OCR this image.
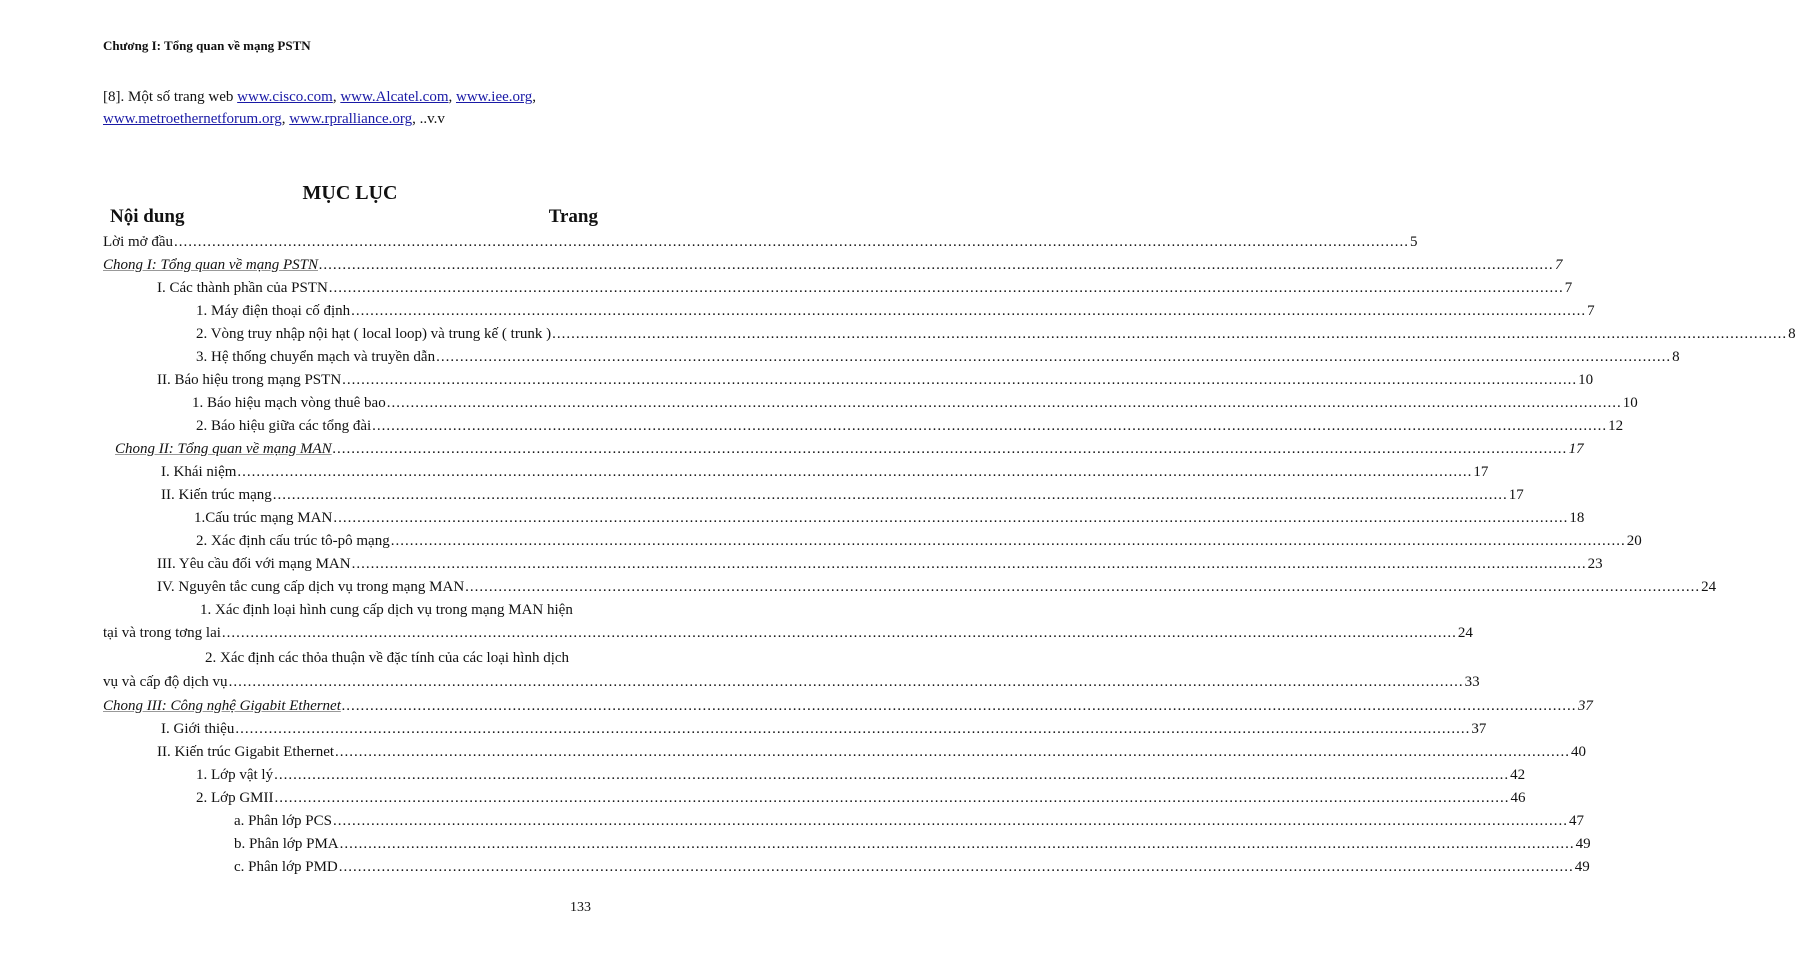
Chương I: Tổng quan về mạng PSTN
[8]. Một số trang web www.cisco.com, www.Alcatel.com, www.iee.org, www.metroethernetforum.org, www.rpralliance.org, ..v.v
MỤC LỤC
Nội dung	Trang
Lời mở đầu .................................................................................................................................................................................................................................................................... 5
Chong I: Tổng quan về mạng PSTN .................................................................................................................................................................................................................................................................... 7
I. Các thành phần của PSTN .................................................................................................................................................................................................................................................................... 7
1. Máy điện thoại cố định .................................................................................................................................................................................................................................................................... 7
2. Vòng truy nhập nội hạt ( local loop) và trung kế ( trunk ) .................................................................................................................................................................................................................................................................... 8
3. Hệ thống chuyển mạch và truyền dẫn .................................................................................................................................................................................................................................................................... 8
II. Báo hiệu trong mạng PSTN .................................................................................................................................................................................................................................................................... 10
1. Báo hiệu mạch vòng thuê bao .................................................................................................................................................................................................................................................................... 10
2. Báo hiệu giữa các tổng đài .................................................................................................................................................................................................................................................................... 12
Chong II: Tổng quan về mạng MAN .................................................................................................................................................................................................................................................................... 17
I. Khái niệm .................................................................................................................................................................................................................................................................... 17
II. Kiến trúc mạng .................................................................................................................................................................................................................................................................... 17
1.Cấu trúc mạng MAN .................................................................................................................................................................................................................................................................... 18
2. Xác định cấu trúc tô-pô mạng .................................................................................................................................................................................................................................................................... 20
III. Yêu cầu đối với mạng MAN .................................................................................................................................................................................................................................................................... 23
IV. Nguyên tắc cung cấp dịch vụ trong mạng MAN .................................................................................................................................................................................................................................................................... 24
1. Xác định loại hình cung cấp dịch vụ trong mạng MAN hiện
tại và trong tơng lai .................................................................................................................................................................................................................................................................... 24
2. Xác định các thỏa thuận về đặc tính của các loại hình dịch
vụ và cấp độ dịch vụ .................................................................................................................................................................................................................................................................... 33
Chong III: Công nghệ Gigabit Ethernet .................................................................................................................................................................................................................................................................... 37
I. Giới thiệu .................................................................................................................................................................................................................................................................... 37
II. Kiến trúc Gigabit Ethernet .................................................................................................................................................................................................................................................................... 40
1. Lớp vật lý .................................................................................................................................................................................................................................................................... 42
2. Lớp GMII .................................................................................................................................................................................................................................................................... 46
a. Phân lớp PCS .................................................................................................................................................................................................................................................................... 47
b. Phân lớp PMA .................................................................................................................................................................................................................................................................... 49
c. Phân lớp PMD .................................................................................................................................................................................................................................................................... 49
133
